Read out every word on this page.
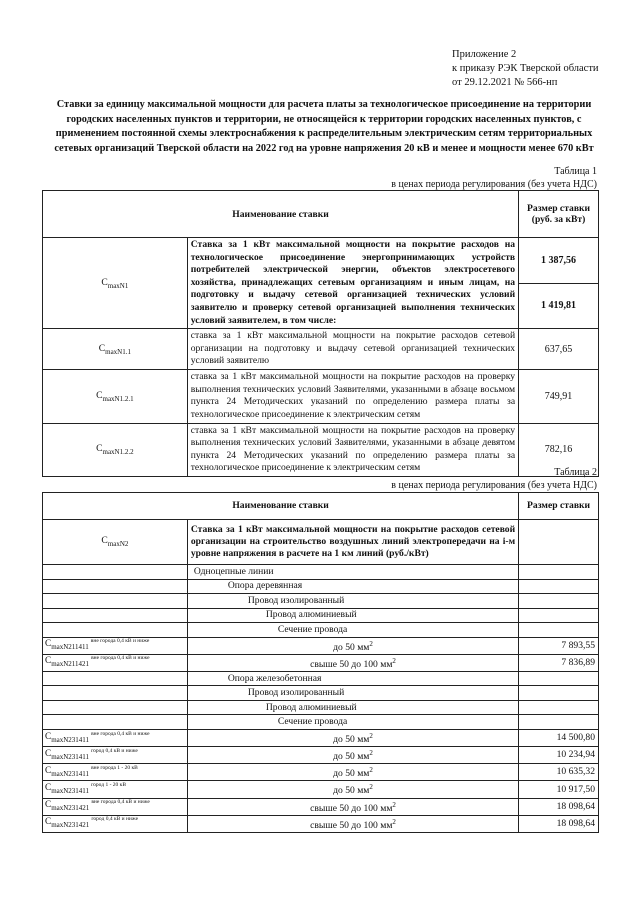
Приложение 2
к приказу РЭК Тверской области
от 29.12.2021 № 566-нп
Ставки за единицу максимальной мощности для расчета платы за технологическое присоединение на территории городских населенных пунктов и территории, не относящейся к территории городских населенных пунктов, с применением постоянной схемы электроснабжения к распределительным электрическим сетям территориальных сетевых организаций Тверской области на 2022 год на уровне напряжения 20 кВ и менее и мощности менее 670 кВт
Таблица 1
в ценах периода регулирования (без учета НДС)
Наименование ставки		Размер ставки (руб. за кВт)
$С_{maxN1}$	Ставка за 1 кВт максимальной мощности на покрытие расходов на технологическое присоединение энергопринимающих устройств потребителей электрической энергии, объектов электросетевого хозяйства, принадлежащих сетевым организациям и иным лицам, на подготовку и выдачу сетевой организацией технических условий заявителю и проверку сетевой организацией выполнения технических условий заявителем, в том числе:	1 387,56
		1 419,81
$С_{maxN1.1}$	ставка за 1 кВт максимальной мощности на покрытие расходов сетевой организации на подготовку и выдачу сетевой организацией технических условий заявителю	637,65
$С_{maxN1.2.1}$	ставка за 1 кВт максимальной мощности на покрытие расходов на проверку выполнения технических условий Заявителями, указанными в абзаце восьмом пункта 24 Методических указаний по определению размера платы за технологическое присоединение к электрическим сетям	749,91
$С_{maxN1.2.2}$	ставка за 1 кВт максимальной мощности на покрытие расходов на проверку выполнения технических условий Заявителями, указанными в абзаце девятом пункта 24 Методических указаний по определению размера платы за технологическое присоединение к электрическим сетям	782,16
Таблица 2
в ценах периода регулирования (без учета НДС)
Наименование ставки		Размер ставки
$С_{maxN2}$	Ставка за 1 кВт максимальной мощности на покрытие расходов сетевой организации на строительство воздушных линий электропередачи на i-м уровне напряжения в расчете на 1 км линий (руб./кВт)	
	Одноцепные линии	
	Опора деревянная	
	Провод изолированный	
	Провод алюминиевый	
	Сечение провода	
$С_{maxN211411}вне$ города 0,4 кВ и ниже	до 50 $мм^2$	7 893,55
$С_{maxN211421}вне$ города 0,4 кВ и ниже	свыше 50 до 100 $мм^2$	7 836,89
	Опора железобетонная	
	Провод изолированный	
	Провод алюминиевый	
	Сечение провода	
$С_{maxN231411}вне$ города 0,4 кВ и ниже	до 50 $мм^2$	14 500,80
$С_{maxN231411}город$ 0,4 кВ и ниже	до 50 $мм^2$	10 234,94
$С_{maxN231411}вне$ города 1 - 20 кВ	до 50 $мм^2$	10 635,32
$С_{maxN231411}город$ 1 - 20 кВ	до 50 $мм^2$	10 917,50
$С_{maxN231421}вне$ города 0,4 кВ и ниже	свыше 50 до 100 $мм^2$	18 098,64
$С_{maxN231421}город$ 0,4 кВ и ниже	свыше 50 до 100 $мм^2$	18 098,64
